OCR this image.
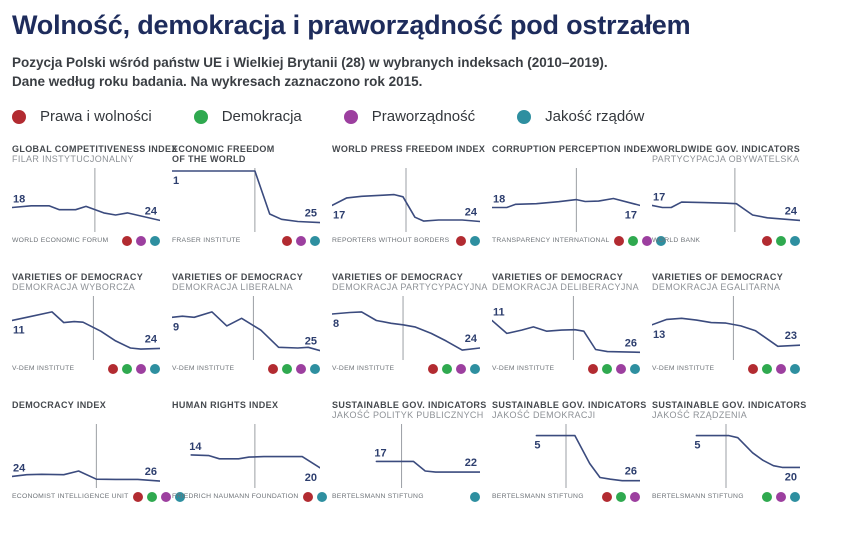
Wolność, demokracja i praworządność pod ostrzałem
Pozycja Polski wśród państw UE i Wielkiej Brytanii (28) w wybranych indeksach (2010–2019).
Dane według roku badania. Na wykresach zaznaczono rok 2015.
Prawa i wolności	Demokracja	Praworządność	Jakość rządów
GLOBAL COMPETITIVENESS INDEX
FILAR INSTYTUCJONALNY
18
24
WORLD ECONOMIC FORUM
ECONOMIC FREEDOM
OF THE WORLD
1
25
FRASER INSTITUTE
WORLD PRESS FREEDOM INDEX
17	24
REPORTERS WITHOUT BORDERS
CORRUPTION PERCEPTION INDEX
18
17
TRANSPARENCY INTERNATIONAL
WORLDWIDE GOV. INDICATORS
PARTYCYPACJA OBYWATELSKA
17
24
WORLD BANK
VARIETIES OF DEMOCRACY
DEMOKRACJA WYBORCZA
11
24
V-DEM INSTITUTE
VARIETIES OF DEMOCRACY
DEMOKRACJA LIBERALNA
9
25
V-DEM INSTITUTE
VARIETIES OF DEMOCRACY
DEMOKRACJA PARTYCYPACYJNA
8
24
V-DEM INSTITUTE
VARIETIES OF DEMOCRACY
DEMOKRACJA DELIBERACYJNA
11
26
V-DEM INSTITUTE
VARIETIES OF DEMOCRACY
DEMOKRACJA EGALITARNA
13	23
V-DEM INSTITUTE
DEMOCRACY INDEX
24	26
ECONOMIST INTELLIGENCE UNIT
HUMAN RIGHTS INDEX
14
20
FRIEDRICH NAUMANN FOUNDATION
SUSTAINABLE GOV. INDICATORS
JAKOŚĆ POLITYK PUBLICZNYCH
17
22
BERTELSMANN STIFTUNG
SUSTAINABLE GOV. INDICATORS
JAKOŚĆ DEMOKRACJI
5
26
BERTELSMANN STIFTUNG
SUSTAINABLE GOV. INDICATORS
JAKOŚĆ RZĄDZENIA
5
20
BERTELSMANN STIFTUNG
